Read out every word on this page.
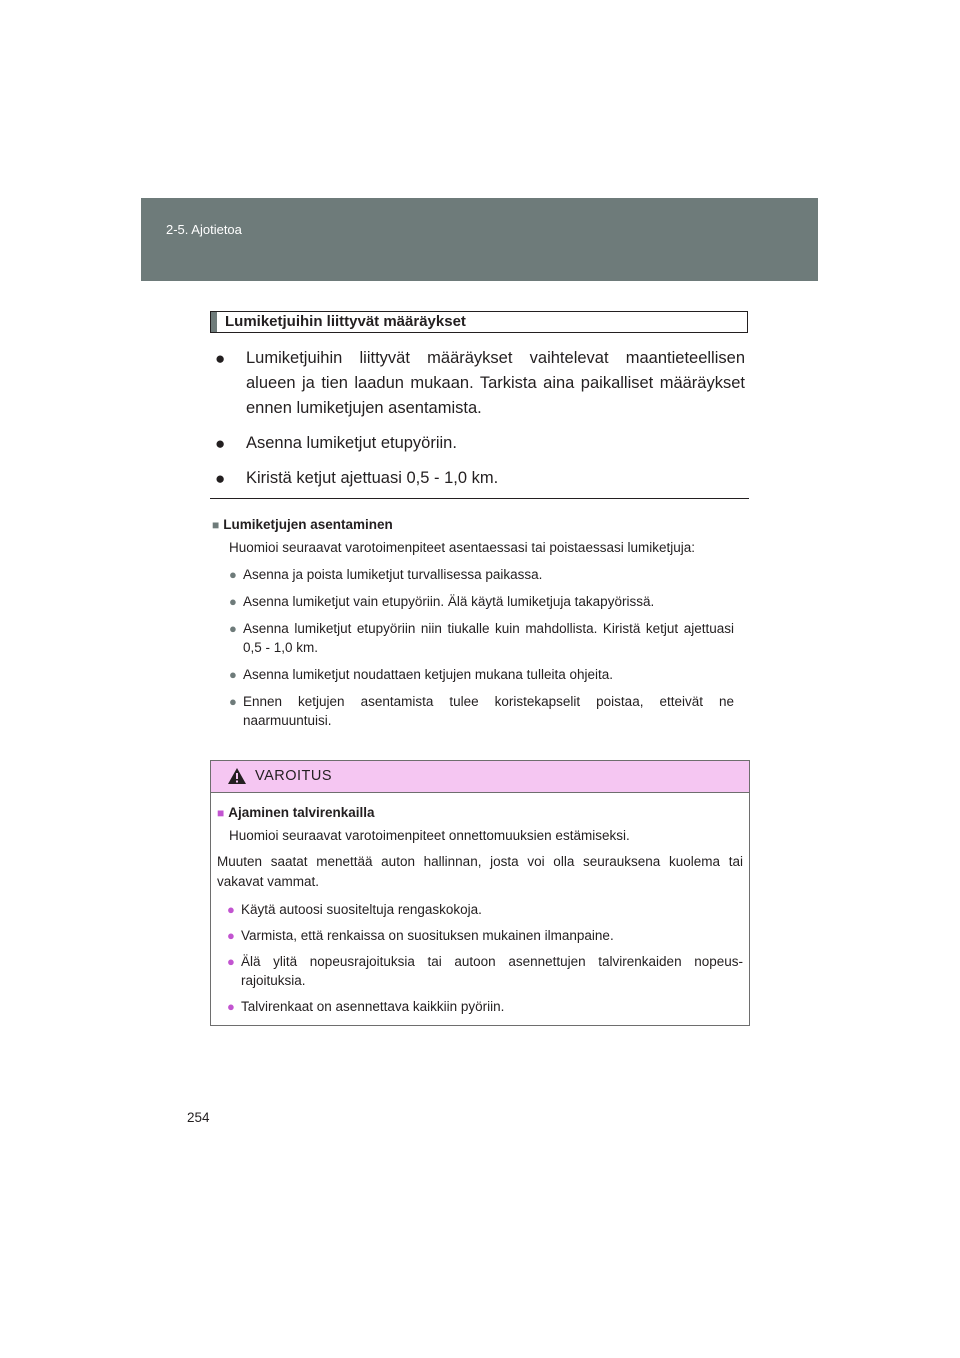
2-5. Ajotietoa
Lumiketjuihin liittyvät määräykset
● Lumiketjuihin liittyvät määräykset vaihtelevat maantieteellisen alueen ja tien laadun mukaan. Tarkista aina paikalliset määräykset ennen lumiketjujen asentamista.
● Asenna lumiketjut etupyöriin.
● Kiristä ketjut ajettuasi 0,5 - 1,0 km.
■ Lumiketjujen asentaminen
Huomioi seuraavat varotoimenpiteet asentaessasi tai poistaessasi lumiketjuja:
● Asenna ja poista lumiketjut turvallisessa paikassa.
● Asenna lumiketjut vain etupyöriin. Älä käytä lumiketjuja takapyörissä.
● Asenna lumiketjut etupyöriin niin tiukalle kuin mahdollista. Kiristä ketjut ajettuasi 0,5 - 1,0 km.
● Asenna lumiketjut noudattaen ketjujen mukana tulleita ohjeita.
● Ennen ketjujen asentamista tulee koristekapselit poistaa, etteivät ne naarmuuntuisi.
VAROITUS
■ Ajaminen talvirenkailla
Huomioi seuraavat varotoimenpiteet onnettomuuksien estämiseksi.
Muuten saatat menettää auton hallinnan, josta voi olla seurauksena kuolema tai vakavat vammat.
● Käytä autoosi suositeltuja rengaskokoja.
● Varmista, että renkaissa on suosituksen mukainen ilmanpaine.
● Älä ylitä nopeusrajoituksia tai autoon asennettujen talvirenkaiden nopeus-rajoituksia.
● Talvirenkaat on asennettava kaikkiin pyöriin.
254
